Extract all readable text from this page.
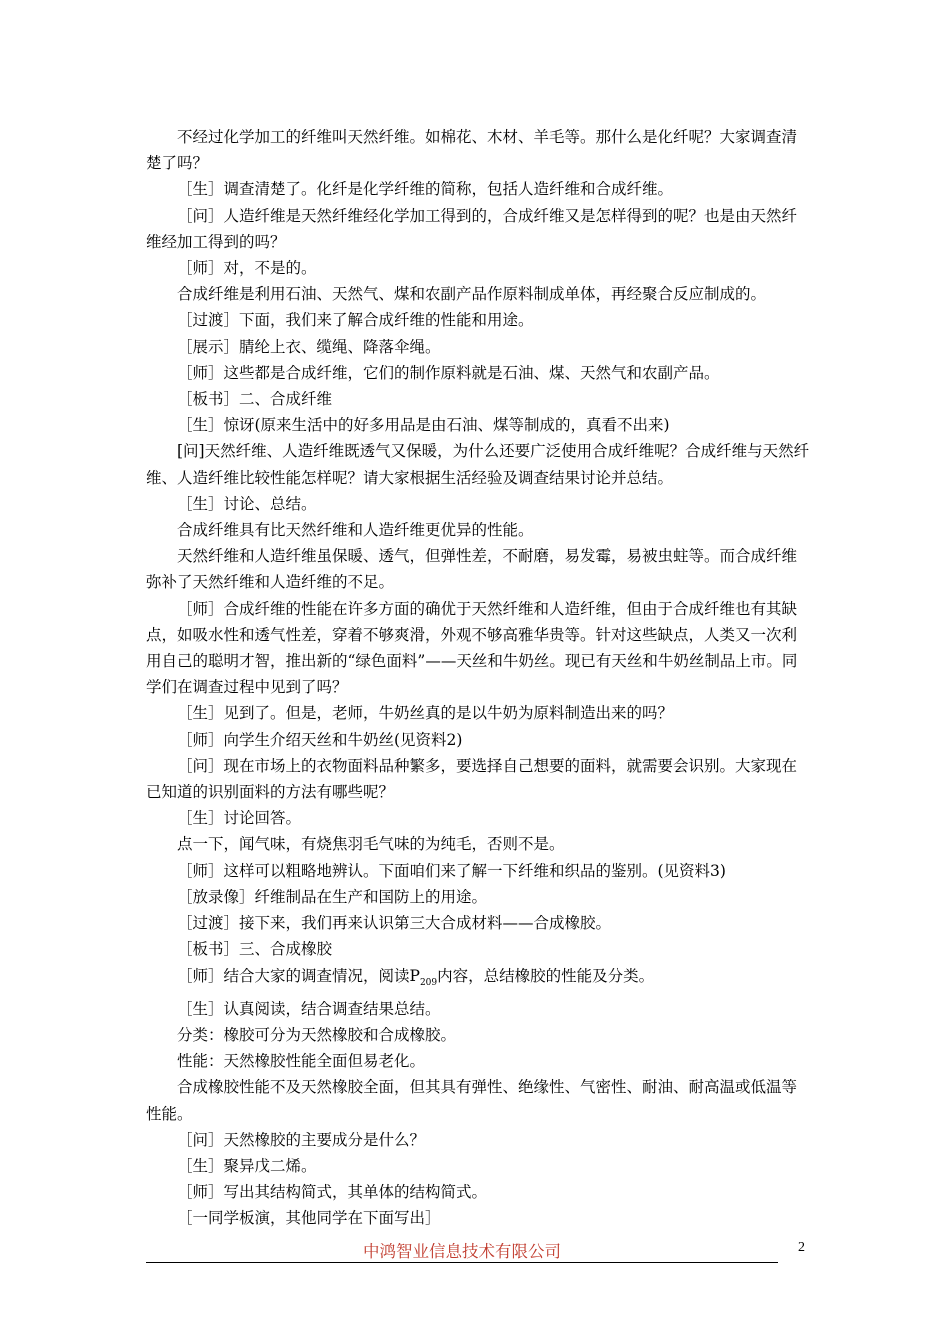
不经过化学加工的纤维叫天然纤维。如棉花、木材、羊毛等。那什么是化纤呢？大家调查清楚了吗？

［生］调查清楚了。化纤是化学纤维的简称，包括人造纤维和合成纤维。

［问］人造纤维是天然纤维经化学加工得到的，合成纤维又是怎样得到的呢？也是由天然纤维经加工得到的吗？

［师］对，不是的。

合成纤维是利用石油、天然气、煤和农副产品作原料制成单体，再经聚合反应制成的。

［过渡］下面，我们来了解合成纤维的性能和用途。

［展示］腈纶上衣、缆绳、降落伞绳。

［师］这些都是合成纤维，它们的制作原料就是石油、煤、天然气和农副产品。

［板书］二、合成纤维

［生］惊讶(原来生活中的好多用品是由石油、煤等制成的，真看不出来)

[问]天然纤维、人造纤维既透气又保暖，为什么还要广泛使用合成纤维呢？合成纤维与天然纤维、人造纤维比较性能怎样呢？请大家根据生活经验及调查结果讨论并总结。

［生］讨论、总结。

合成纤维具有比天然纤维和人造纤维更优异的性能。

天然纤维和人造纤维虽保暖、透气，但弹性差，不耐磨，易发霉，易被虫蛀等。而合成纤维弥补了天然纤维和人造纤维的不足。

［师］合成纤维的性能在许多方面的确优于天然纤维和人造纤维，但由于合成纤维也有其缺点，如吸水性和透气性差，穿着不够爽滑，外观不够高雅华贵等。针对这些缺点，人类又一次利用自己的聪明才智，推出新的“绿色面料”——天丝和牛奶丝。现已有天丝和牛奶丝制品上市。同学们在调查过程中见到了吗？

［生］见到了。但是，老师，牛奶丝真的是以牛奶为原料制造出来的吗？

［师］向学生介绍天丝和牛奶丝(见资料2)

［问］现在市场上的衣物面料品种繁多，要选择自己想要的面料，就需要会识别。大家现在已知道的识别面料的方法有哪些呢？

［生］讨论回答。

点一下，闻气味，有烧焦羽毛气味的为纯毛，否则不是。

［师］这样可以粗略地辨认。下面咱们来了解一下纤维和织品的鉴别。(见资料3)

［放录像］纤维制品在生产和国防上的用途。

［过渡］接下来，我们再来认识第三大合成材料——合成橡胶。

［板书］三、合成橡胶

［师］结合大家的调查情况，阅读$P_{209}$内容，总结橡胶的性能及分类。

［生］认真阅读，结合调查结果总结。

分类：橡胶可分为天然橡胶和合成橡胶。

性能：天然橡胶性能全面但易老化。

合成橡胶性能不及天然橡胶全面，但其具有弹性、绝缘性、气密性、耐油、耐高温或低温等性能。

［问］天然橡胶的主要成分是什么？

［生］聚异戊二烯。

［师］写出其结构简式，其单体的结构简式。

［一同学板演，其他同学在下面写出］

中鸿智业信息技术有限公司	2
